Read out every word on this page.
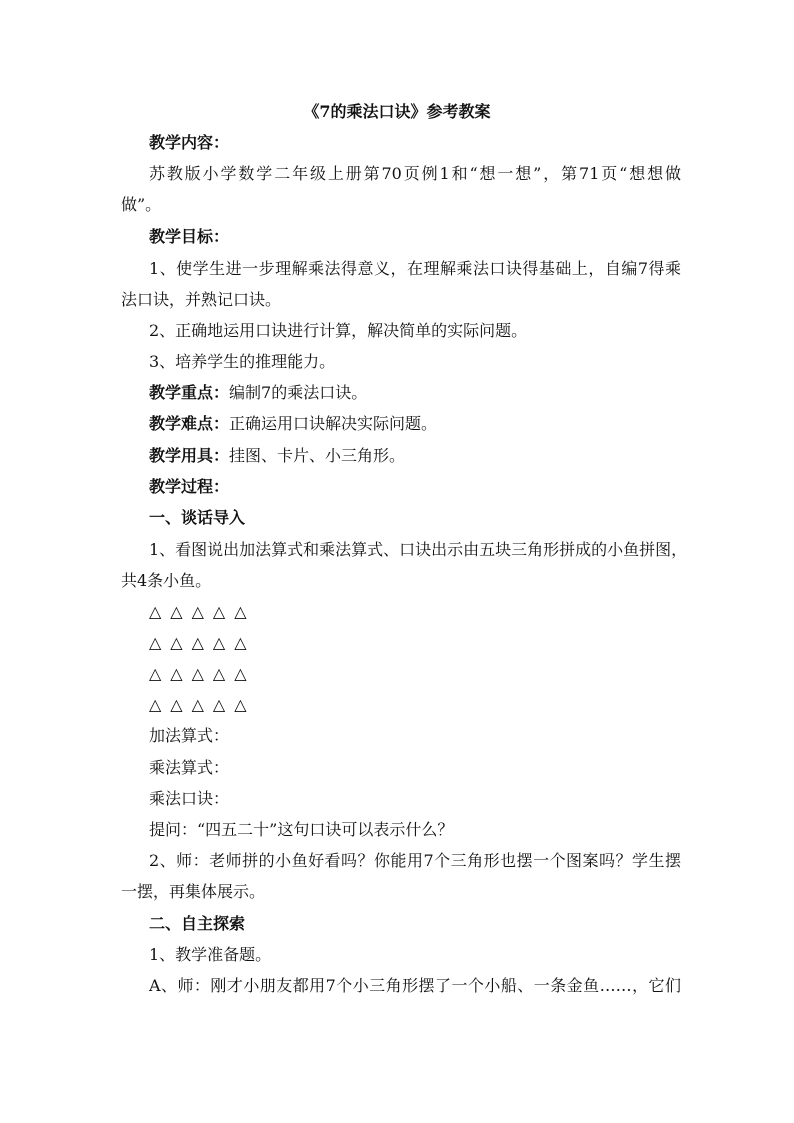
《7的乘法口诀》参考教案
教学内容：
苏教版小学数学二年级上册第70页例1和“想一想”，第71页“想想做
做”。
教学目标：
1、使学生进一步理解乘法得意义，在理解乘法口诀得基础上，自编7得乘
法口诀，并熟记口诀。
2、正确地运用口诀进行计算，解决简单的实际问题。
3、培养学生的推理能力。
教学重点：编制7的乘法口诀。
教学难点：正确运用口诀解决实际问题。
教学用具：挂图、卡片、小三角形。
教学过程：
一、谈话导入
1、看图说出加法算式和乘法算式、口诀出示由五块三角形拼成的小鱼拼图，
共4条小鱼。
△△△△△
△△△△△
△△△△△
△△△△△
加法算式：
乘法算式：
乘法口诀：
提问：“四五二十”这句口诀可以表示什么？
2、师：老师拼的小鱼好看吗？你能用7个三角形也摆一个图案吗？学生摆
一摆，再集体展示。
二、自主探索
1、教学准备题。
A、师：刚才小朋友都用7个小三角形摆了一个小船、一条金鱼……，它们
